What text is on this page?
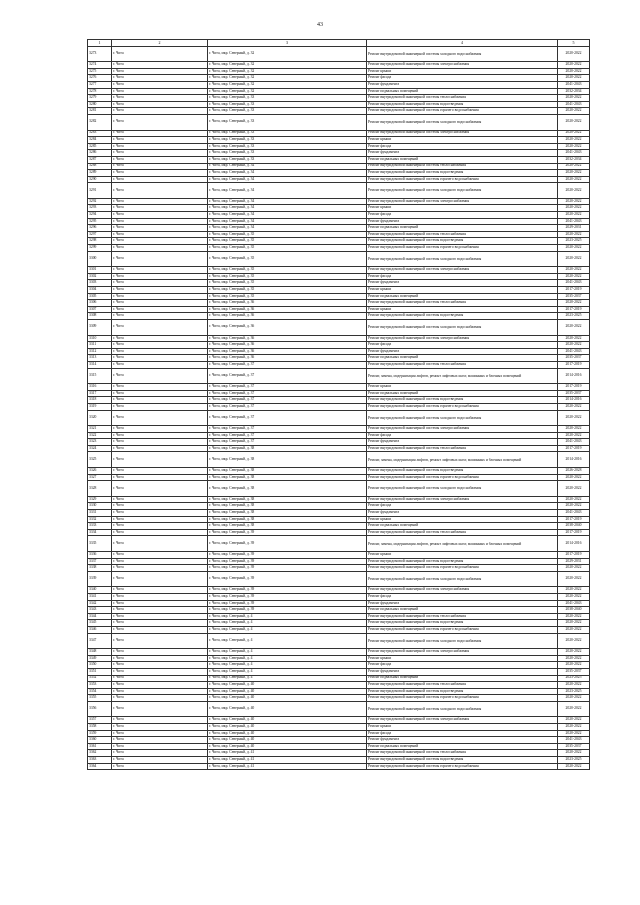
43
1	2	3	4	5
3273	г. Чита	г. Чита, мкр. Северный, д. 32	Ремонт внутридомовой инженерной системы холодного водоснабжения	2020-2022
3274	г. Чита	г. Чита, мкр. Северный, д. 32	Ремонт внутридомовой инженерной системы электроснабжения	2020-2022
3275	г. Чита	г. Чита, мкр. Северный, д. 32	Ремонт крыши	2020-2022
3276	г. Чита	г. Чита, мкр. Северный, д. 32	Ремонт фасада	2020-2022
3277	г. Чита	г. Чита, мкр. Северный, д. 32	Ремонт фундамента	2041-2043
3278	г. Чита	г. Чита, мкр. Северный, д. 32	Ремонт подвальных помещений	2032-2034
3279	г. Чита	г. Чита, мкр. Северный, д. 33	Ремонт внутридомовой инженерной системы теплоснабжения	2020-2022
3280	г. Чита	г. Чита, мкр. Северный, д. 33	Ремонт внутридомовой инженерной системы водоотведения	2041-2043
3281	г. Чита	г. Чита, мкр. Северный, д. 33	Ремонт внутридомовой инженерной системы горячего водоснабжения	2020-2022
3282	г. Чита	г. Чита, мкр. Северный, д. 33	Ремонт внутридомовой инженерной системы холодного водоснабжения	2020-2022
3283	г. Чита	г. Чита, мкр. Северный, д. 33	Ремонт внутридомовой инженерной системы электроснабжения	2020-2022
3284	г. Чита	г. Чита, мкр. Северный, д. 33	Ремонт крыши	2020-2022
3285	г. Чита	г. Чита, мкр. Северный, д. 33	Ремонт фасада	2020-2022
3286	г. Чита	г. Чита, мкр. Северный, д. 33	Ремонт фундамента	2041-2043
3287	г. Чита	г. Чита, мкр. Северный, д. 33	Ремонт подвальных помещений	2032-2034
3288	г. Чита	г. Чита, мкр. Северный, д. 34	Ремонт внутридомовой инженерной системы теплоснабжения	2020-2022
3289	г. Чита	г. Чита, мкр. Северный, д. 34	Ремонт внутридомовой инженерной системы водоотведения	2020-2022
3290	г. Чита	г. Чита, мкр. Северный, д. 34	Ремонт внутридомовой инженерной системы горячего водоснабжения	2020-2022
3291	г. Чита	г. Чита, мкр. Северный, д. 34	Ремонт внутридомовой инженерной системы холодного водоснабжения	2020-2022
3292	г. Чита	г. Чита, мкр. Северный, д. 34	Ремонт внутридомовой инженерной системы электроснабжения	2020-2022
3293	г. Чита	г. Чита, мкр. Северный, д. 34	Ремонт крыши	2020-2022
3294	г. Чита	г. Чита, мкр. Северный, д. 34	Ремонт фасада	2020-2022
3295	г. Чита	г. Чита, мкр. Северный, д. 34	Ремонт фундамента	2041-2043
3296	г. Чита	г. Чита, мкр. Северный, д. 34	Ремонт подвальных помещений	2029-2031
3297	г. Чита	г. Чита, мкр. Северный, д. 35	Ремонт внутридомовой инженерной системы теплоснабжения	2020-2022
3298	г. Чита	г. Чита, мкр. Северный, д. 35	Ремонт внутридомовой инженерной системы водоотведения	2023-2025
3299	г. Чита	г. Чита, мкр. Северный, д. 35	Ремонт внутридомовой инженерной системы горячего водоснабжения	2020-2022
3300	г. Чита	г. Чита, мкр. Северный, д. 35	Ремонт внутридомовой инженерной системы холодного водоснабжения	2020-2022
3301	г. Чита	г. Чита, мкр. Северный, д. 35	Ремонт внутридомовой инженерной системы электроснабжения	2020-2022
3302	г. Чита	г. Чита, мкр. Северный, д. 35	Ремонт фасада	2020-2022
3303	г. Чита	г. Чита, мкр. Северный, д. 35	Ремонт фундамента	2041-2043
3304	г. Чита	г. Чита, мкр. Северный, д. 35	Ремонт крыши	2017-2019
3305	г. Чита	г. Чита, мкр. Северный, д. 35	Ремонт подвальных помещений	2035-2037
3306	г. Чита	г. Чита, мкр. Северный, д. 36	Ремонт внутридомовой инженерной системы теплоснабжения	2020-2022
3307	г. Чита	г. Чита, мкр. Северный, д. 36	Ремонт крыши	2017-2019
3308	г. Чита	г. Чита, мкр. Северный, д. 36	Ремонт внутридомовой инженерной системы водоотведения	2023-2025
3309	г. Чита	г. Чита, мкр. Северный, д. 36	Ремонт внутридомовой инженерной системы холодного водоснабжения	2020-2022
3310	г. Чита	г. Чита, мкр. Северный, д. 36	Ремонт внутридомовой инженерной системы электроснабжения	2020-2022
3311	г. Чита	г. Чита, мкр. Северный, д. 36	Ремонт фасада	2020-2022
3312	г. Чита	г. Чита, мкр. Северный, д. 36	Ремонт фундамента	2041-2043
3313	г. Чита	г. Чита, мкр. Северный, д. 36	Ремонт подвальных помещений	2035-2037
3314	г. Чита	г. Чита, мкр. Северный, д. 37	Ремонт внутридомовой инженерной системы теплоснабжения	2017-2019
3315	г. Чита	г. Чита, мкр. Северный, д. 37	Ремонт, замена, модернизация лифтов, ремонт лифтовых шахт, машинных и блочных помещений	2014-2016
3316	г. Чита	г. Чита, мкр. Северный, д. 37	Ремонт крыши	2017-2019
3317	г. Чита	г. Чита, мкр. Северный, д. 37	Ремонт подвальных помещений	2035-2037
3318	г. Чита	г. Чита, мкр. Северный, д. 37	Ремонт внутридомовой инженерной системы водоотведения	2014-2016
3319	г. Чита	г. Чита, мкр. Северный, д. 37	Ремонт внутридомовой инженерной системы горячего водоснабжения	2020-2022
3320	г. Чита	г. Чита, мкр. Северный, д. 37	Ремонт внутридомовой инженерной системы холодного водоснабжения	2020-2022
3321	г. Чита	г. Чита, мкр. Северный, д. 37	Ремонт внутридомовой инженерной системы электроснабжения	2020-2022
3322	г. Чита	г. Чита, мкр. Северный, д. 37	Ремонт фасада	2020-2022
3323	г. Чита	г. Чита, мкр. Северный, д. 37	Ремонт фундамента	2041-2043
3324	г. Чита	г. Чита, мкр. Северный, д. 38	Ремонт внутридомовой инженерной системы теплоснабжения	2017-2019
3325	г. Чита	г. Чита, мкр. Северный, д. 38	Ремонт, замена, модернизация лифтов, ремонт лифтовых шахт, машинных и блочных помещений	2014-2016
3326	г. Чита	г. Чита, мкр. Северный, д. 38	Ремонт внутридомовой инженерной системы водоотведения	2026-2028
3327	г. Чита	г. Чита, мкр. Северный, д. 38	Ремонт внутридомовой инженерной системы горячего водоснабжения	2020-2022
3328	г. Чита	г. Чита, мкр. Северный, д. 38	Ремонт внутридомовой инженерной системы холодного водоснабжения	2020-2022
3329	г. Чита	г. Чита, мкр. Северный, д. 38	Ремонт внутридомовой инженерной системы электроснабжения	2020-2022
3330	г. Чита	г. Чита, мкр. Северный, д. 38	Ремонт фасада	2020-2022
3331	г. Чита	г. Чита, мкр. Северный, д. 38	Ремонт фундамента	2041-2043
3332	г. Чита	г. Чита, мкр. Северный, д. 38	Ремонт крыши	2017-2019
3333	г. Чита	г. Чита, мкр. Северный, д. 38	Ремонт подвальных помещений	2038-2040
3334	г. Чита	г. Чита, мкр. Северный, д. 39	Ремонт внутридомовой инженерной системы теплоснабжения	2017-2019
3335	г. Чита	г. Чита, мкр. Северный, д. 39	Ремонт, замена, модернизация лифтов, ремонт лифтовых шахт, машинных и блочных помещений	2014-2016
3336	г. Чита	г. Чита, мкр. Северный, д. 39	Ремонт крыши	2017-2019
3337	г. Чита	г. Чита, мкр. Северный, д. 39	Ремонт внутридомовой инженерной системы водоотведения	2029-2031
3338	г. Чита	г. Чита, мкр. Северный, д. 39	Ремонт внутридомовой инженерной системы горячего водоснабжения	2020-2022
3339	г. Чита	г. Чита, мкр. Северный, д. 39	Ремонт внутридомовой инженерной системы холодного водоснабжения	2020-2022
3340	г. Чита	г. Чита, мкр. Северный, д. 39	Ремонт внутридомовой инженерной системы электроснабжения	2020-2022
3341	г. Чита	г. Чита, мкр. Северный, д. 39	Ремонт фасада	2020-2022
3342	г. Чита	г. Чита, мкр. Северный, д. 39	Ремонт фундамента	2041-2043
3343	г. Чита	г. Чита, мкр. Северный, д. 39	Ремонт подвальных помещений	2038-2040
3344	г. Чита	г. Чита, мкр. Северный, д. 4	Ремонт внутридомовой инженерной системы теплоснабжения	2020-2022
3345	г. Чита	г. Чита, мкр. Северный, д. 4	Ремонт внутридомовой инженерной системы водоотведения	2020-2022
3346	г. Чита	г. Чита, мкр. Северный, д. 4	Ремонт внутридомовой инженерной системы горячего водоснабжения	2020-2022
3347	г. Чита	г. Чита, мкр. Северный, д. 4	Ремонт внутридомовой инженерной системы холодного водоснабжения	2020-2022
3348	г. Чита	г. Чита, мкр. Северный, д. 4	Ремонт внутридомовой инженерной системы электроснабжения	2020-2022
3349	г. Чита	г. Чита, мкр. Северный, д. 4	Ремонт крыши	2020-2022
3350	г. Чита	г. Чита, мкр. Северный, д. 4	Ремонт фасада	2020-2022
3351	г. Чита	г. Чита, мкр. Северный, д. 4	Ремонт фундамента	2035-2037
3352	г. Чита	г. Чита, мкр. Северный, д. 4	Ремонт подвальных помещений	2023-2025
3353	г. Чита	г. Чита, мкр. Северный, д. 40	Ремонт внутридомовой инженерной системы теплоснабжения	2020-2022
3354	г. Чита	г. Чита, мкр. Северный, д. 40	Ремонт внутридомовой инженерной системы водоотведения	2023-2025
3355	г. Чита	г. Чита, мкр. Северный, д. 40	Ремонт внутридомовой инженерной системы горячего водоснабжения	2020-2022
3356	г. Чита	г. Чита, мкр. Северный, д. 40	Ремонт внутридомовой инженерной системы холодного водоснабжения	2020-2022
3357	г. Чита	г. Чита, мкр. Северный, д. 40	Ремонт внутридомовой инженерной системы электроснабжения	2020-2022
3358	г. Чита	г. Чита, мкр. Северный, д. 40	Ремонт крыши	2020-2022
3359	г. Чита	г. Чита, мкр. Северный, д. 40	Ремонт фасада	2020-2022
3360	г. Чита	г. Чита, мкр. Северный, д. 40	Ремонт фундамента	2041-2043
3361	г. Чита	г. Чита, мкр. Северный, д. 40	Ремонт подвальных помещений	2035-2037
3362	г. Чита	г. Чита, мкр. Северный, д. 41	Ремонт внутридомовой инженерной системы теплоснабжения	2020-2022
3363	г. Чита	г. Чита, мкр. Северный, д. 41	Ремонт внутридомовой инженерной системы водоотведения	2023-2025
3364	г. Чита	г. Чита, мкр. Северный, д. 41	Ремонт внутридомовой инженерной системы горячего водоснабжения	2020-2022
